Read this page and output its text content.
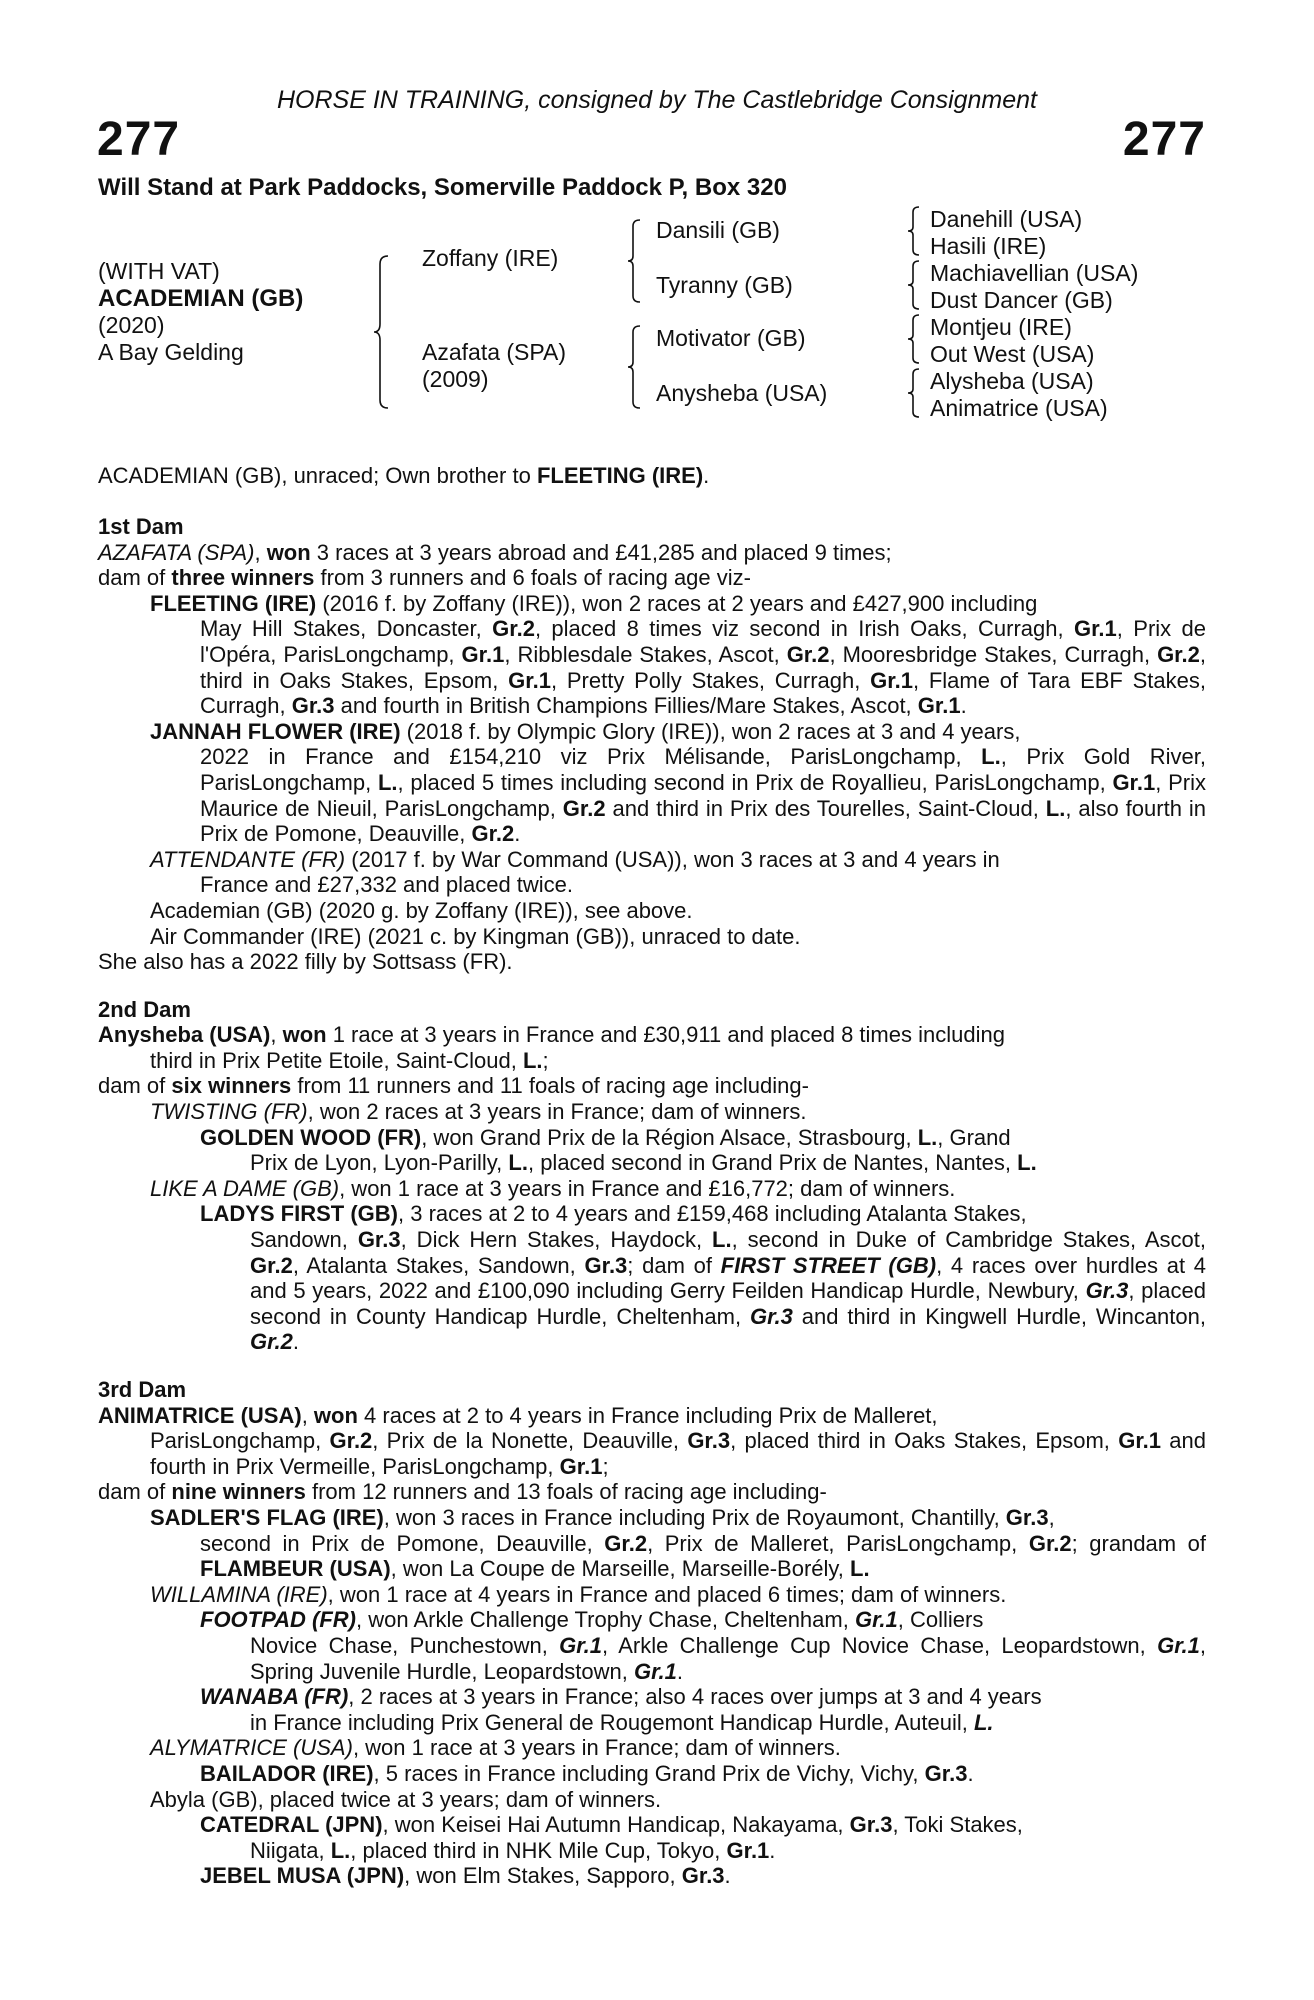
HORSE IN TRAINING, consigned by The Castlebridge Consignment
277	277
Will Stand at Park Paddocks, Somerville Paddock P, Box 320
(WITH VAT)
ACADEMIAN (GB)
(2020)
A Bay Gelding
Zoffany (IRE)
Azafata (SPA)
(2009)
Dansili (GB)
Tyranny (GB)
Motivator (GB)
Anysheba (USA)
Danehill (USA)
Hasili (IRE)
Machiavellian (USA)
Dust Dancer (GB)
Montjeu (IRE)
Out West (USA)
Alysheba (USA)
Animatrice (USA)
ACADEMIAN (GB), unraced; Own brother to FLEETING (IRE).
1st Dam
AZAFATA (SPA), won 3 races at 3 years abroad and £41,285 and placed 9 times;
dam of three winners from 3 runners and 6 foals of racing age viz-
FLEETING (IRE) (2016 f. by Zoffany (IRE)), won 2 races at 2 years and £427,900 including
May Hill Stakes, Doncaster, Gr.2, placed 8 times viz second in Irish Oaks, Curragh, Gr.1, Prix de l'Opéra, ParisLongchamp, Gr.1, Ribblesdale Stakes, Ascot, Gr.2, Mooresbridge Stakes, Curragh, Gr.2, third in Oaks Stakes, Epsom, Gr.1, Pretty Polly Stakes, Curragh, Gr.1, Flame of Tara EBF Stakes, Curragh, Gr.3 and fourth in British Champions Fillies/Mare Stakes, Ascot, Gr.1.
JANNAH FLOWER (IRE) (2018 f. by Olympic Glory (IRE)), won 2 races at 3 and 4 years,
2022 in France and £154,210 viz Prix Mélisande, ParisLongchamp, L., Prix Gold River, ParisLongchamp, L., placed 5 times including second in Prix de Royallieu, ParisLongchamp, Gr.1, Prix Maurice de Nieuil, ParisLongchamp, Gr.2 and third in Prix des Tourelles, Saint-Cloud, L., also fourth in Prix de Pomone, Deauville, Gr.2.
ATTENDANTE (FR) (2017 f. by War Command (USA)), won 3 races at 3 and 4 years in
France and £27,332 and placed twice.
Academian (GB) (2020 g. by Zoffany (IRE)), see above.
Air Commander (IRE) (2021 c. by Kingman (GB)), unraced to date.
She also has a 2022 filly by Sottsass (FR).
2nd Dam
Anysheba (USA), won 1 race at 3 years in France and £30,911 and placed 8 times including
third in Prix Petite Etoile, Saint-Cloud, L.;
dam of six winners from 11 runners and 11 foals of racing age including-
TWISTING (FR), won 2 races at 3 years in France; dam of winners.
GOLDEN WOOD (FR), won Grand Prix de la Région Alsace, Strasbourg, L., Grand
Prix de Lyon, Lyon-Parilly, L., placed second in Grand Prix de Nantes, Nantes, L.
LIKE A DAME (GB), won 1 race at 3 years in France and £16,772; dam of winners.
LADYS FIRST (GB), 3 races at 2 to 4 years and £159,468 including Atalanta Stakes,
Sandown, Gr.3, Dick Hern Stakes, Haydock, L., second in Duke of Cambridge Stakes, Ascot, Gr.2, Atalanta Stakes, Sandown, Gr.3; dam of FIRST STREET (GB), 4 races over hurdles at 4 and 5 years, 2022 and £100,090 including Gerry Feilden Handicap Hurdle, Newbury, Gr.3, placed second in County Handicap Hurdle, Cheltenham, Gr.3 and third in Kingwell Hurdle, Wincanton, Gr.2.
3rd Dam
ANIMATRICE (USA), won 4 races at 2 to 4 years in France including Prix de Malleret,
ParisLongchamp, Gr.2, Prix de la Nonette, Deauville, Gr.3, placed third in Oaks Stakes, Epsom, Gr.1 and fourth in Prix Vermeille, ParisLongchamp, Gr.1;
dam of nine winners from 12 runners and 13 foals of racing age including-
SADLER'S FLAG (IRE), won 3 races in France including Prix de Royaumont, Chantilly, Gr.3,
second in Prix de Pomone, Deauville, Gr.2, Prix de Malleret, ParisLongchamp, Gr.2; grandam of FLAMBEUR (USA), won La Coupe de Marseille, Marseille-Borély, L.
WILLAMINA (IRE), won 1 race at 4 years in France and placed 6 times; dam of winners.
FOOTPAD (FR), won Arkle Challenge Trophy Chase, Cheltenham, Gr.1, Colliers
Novice Chase, Punchestown, Gr.1, Arkle Challenge Cup Novice Chase, Leopardstown, Gr.1, Spring Juvenile Hurdle, Leopardstown, Gr.1.
WANABA (FR), 2 races at 3 years in France; also 4 races over jumps at 3 and 4 years
in France including Prix General de Rougemont Handicap Hurdle, Auteuil, L.
ALYMATRICE (USA), won 1 race at 3 years in France; dam of winners.
BAILADOR (IRE), 5 races in France including Grand Prix de Vichy, Vichy, Gr.3.
Abyla (GB), placed twice at 3 years; dam of winners.
CATEDRAL (JPN), won Keisei Hai Autumn Handicap, Nakayama, Gr.3, Toki Stakes,
Niigata, L., placed third in NHK Mile Cup, Tokyo, Gr.1.
JEBEL MUSA (JPN), won Elm Stakes, Sapporo, Gr.3.
